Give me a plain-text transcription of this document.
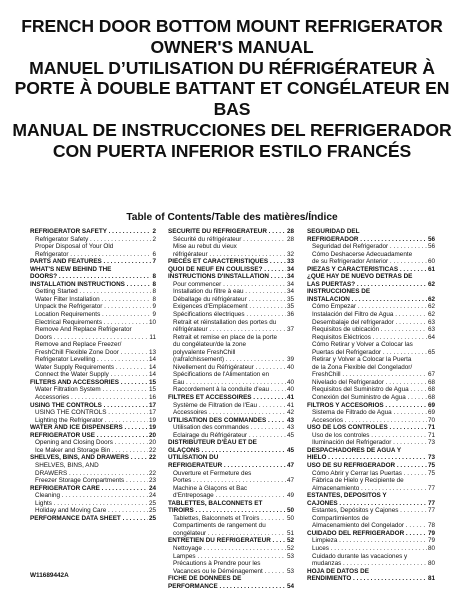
FRENCH DOOR BOTTOM MOUNT REFRIGERATOR
OWNER'S MANUAL
MANUEL D’UTILISATION DU RÉFRIGÉRATEUR À
PORTE À DOUBLE BATTANT ET CONGÉLATEUR EN
BAS
MANUAL DE INSTRUCCIONES DEL REFRIGERADOR
CON PUERTA INFERIOR ESTILO FRANCÉS
Table of Contents/Table des matières/Índice
REFRIGERATOR SAFETY . . .	2
Refrigerator Safety . . .	2
Proper Disposal of Your Old
Refrigerator . . .	6
PARTS AND FEATURES . . .	7
WHAT'S NEW BEHIND THE
DOORS? . . .	8
INSTALLATION INSTRUCTIONS . . .	8
Getting Started . . .	8
Water Filter Installation . . .	8
Unpack the Refrigerator . . .	9
Location Requirements . . .	9
Electrical Requirements . . .	10
Remove And Replace Refrigerator
Doors . . .	11
Remove and Replace Freezer/
FreshChill Flexible Zone Door . . .	13
Refrigerator Levelling . . .	14
Water Supply Requirements . . .	14
Connect the Water Supply . . .	14
FILTERS AND ACCESSORIES . . .	15
Water Filtration System . . .	15
Accessories . . .	16
USING THE CONTROLS . . .	17
USING THE CONTROLS . . .	17
Lighting the Refrigerator . . .	19
WATER AND ICE DISPENSERS . . .	19
REFRIGERATOR USE . . .	20
Opening and Closing Doors . . .	20
Ice Maker and Storage Bin . . .	22
SHELVES, BINS, AND DRAWERS . . .	22
SHELVES, BINS, AND
DRAWERS . . .	22
Freezer Storage Compartments . . .	23
REFRIGERATOR CARE . . .	24
Cleaning . . .	24
Lights . . .	25
Holiday and Moving Care . . .	25
PERFORMANCE DATA SHEET . . .	25
SÉCURITÉ DU RÉFRIGÉRATEUR . . .	28
Sécurité du réfrigérateur . . .	28
Mise au rebut du vieux
réfrigérateur . . .	32
PIÈCES ET CARACTÉRISTIQUES . . .	33
QUOI DE NEUF EN COULISSE? . . .	34
INSTRUCTIONS D'INSTALLATION . . .	34
Pour commencer . . .	34
Installation du filtre à eau . . .	34
Déballage du réfrigérateur . . .	35
Exigences d'Emplacement . . .	35
Spécifications électriques . . .	36
Retrait et réinstallation des portes du
réfrigérateur . . .	37
Retrait et remise en place de la porte
du congélateur/de la zone
polyvalente FreshChill
(rafraîchissement) . . .	39
Nivellement du Réfrigérateur . . .	40
Spécifications de l'Alimentation en
Eau . . .	40
Raccordement à la conduite d'eau . . .	40
FILTRES ET ACCESSOIRES . . .	41
Système de Filtration de l'Eau . . .	41
Accessoires . . .	42
UTILISATION DES COMMANDES . . .	43
Utilisation des commandes . . .	43
Éclairage du Réfrigérateur . . .	45
DISTRIBUTEUR D'EAU ET DE
GLAÇONS . . .	45
UTILISATION DU
RÉFRIGÉRATEUR . . .	47
Ouverture et Fermeture des
Portes . . .	47
Machine à Glaçons et Bac
d'Entreposage . . .	49
TABLETTES, BALCONNETS ET
TIROIRS . . .	50
Tablettes, Balconnets et Tiroirs . . .	50
Compartiments de rangement du
congélateur . . .	51
ENTRETIEN DU RÉFRIGÉRATEUR . . .	52
Nettoyage . . .	52
Lampes . . .	53
Précautions à Prendre pour les
Vacances ou le Déménagement . . .	53
FICHE DE DONNÉES DE
PERFORMANCE . . .	54
SEGURIDAD DEL
REFRIGERADOR . . .	56
Seguridad del Refrigerador . . .	56
Cómo Deshacerse Adecuadamente
de su Refrigerador Anterior . . .	60
PIEZAS Y CARACTERÍSTICAS . . .	61
¿QUÉ HAY DE NUEVO DETRÁS DE
LAS PUERTAS? . . .	62
INSTRUCCIONES DE
INSTALACIÓN . . .	62
Cómo Empezar . . .	62
Instalación del Filtro de Agua . . .	62
Desembalaje del refrigerador . . .	63
Requisitos de ubicación . . .	63
Requisitos Eléctricos . . .	64
Cómo Retirar y Volver a Colocar las
Puertas del Refrigerador . . .	65
Retirar y Volver a Colocar la Puerta
de la Zona Flexible del Congelador/
FreshChill . . .	67
Nivelado del Refrigerador . . .	68
Requisitos del Suministro de Agua . . .	68
Conexión del Suministro de Agua . . .	68
FILTROS Y ACCESORIOS . . .	69
Sistema de Filtrado de Agua . . .	69
Accesorios . . .	70
USO DE LOS CONTROLES . . .	71
Uso de los controles . . .	71
Iluminación del Refrigerador . . .	73
DESPACHADORES DE AGUA Y
HIELO . . .	73
USO DE SU REFRIGERADOR . . .	75
Cómo Abrir y Cerrar las Puertas . . .	75
Fábrica de Hielo y Recipiente de
Almacenamiento . . .	77
ESTANTES, DEPÓSITOS Y
CAJONES . . .	77
Estantes, Depósitos y Cajones . . .	77
Compartimientos de
Almacenamiento del Congelador . . .	78
CUIDADO DEL REFRIGERADOR . . .	79
Limpieza . . .	79
Luces . . .	80
Cuidado durante las vacaciones y
mudanzas . . .	80
HOJA DE DATOS DE
RENDIMIENTO . . .	81
W11689442A
